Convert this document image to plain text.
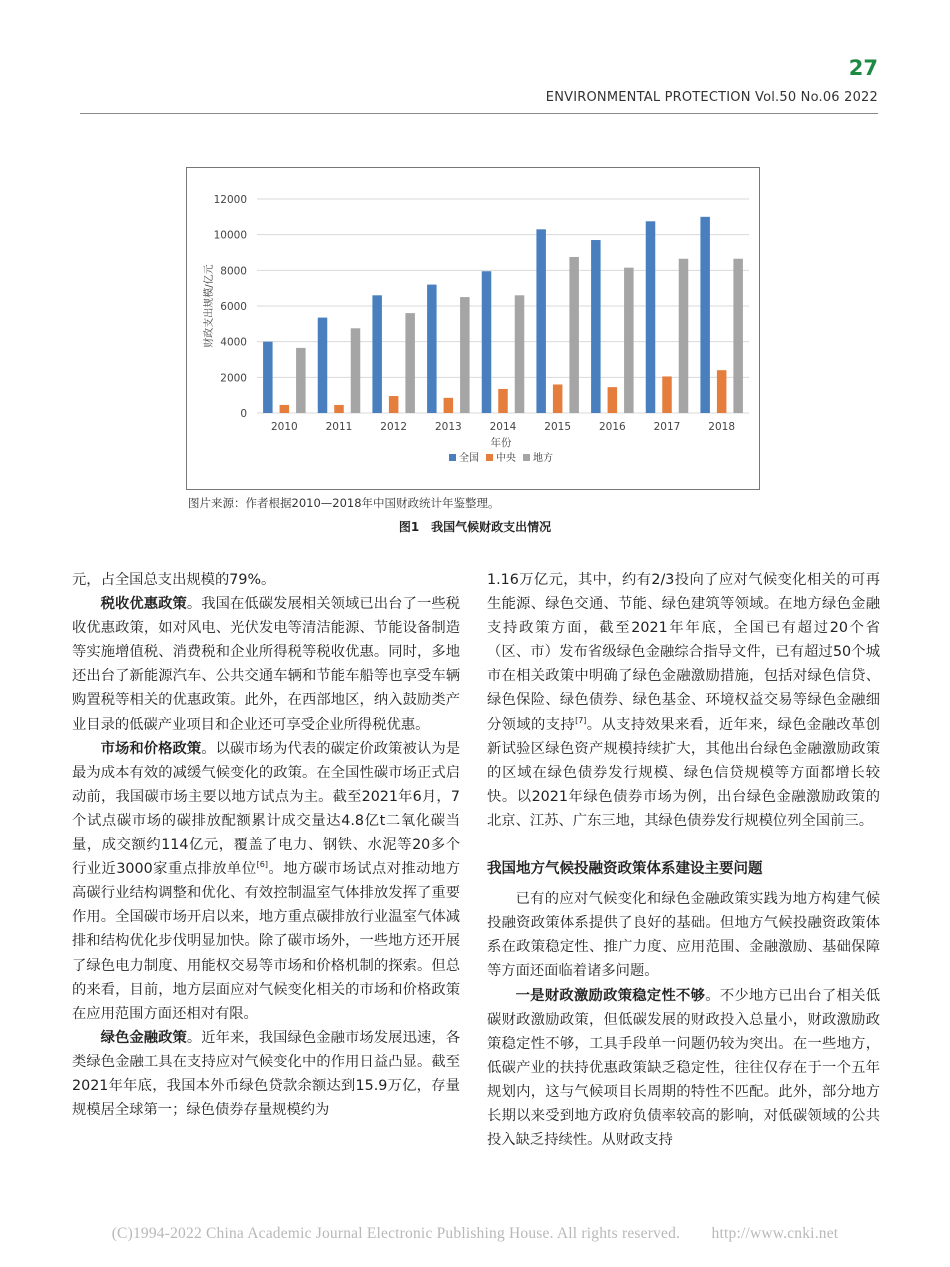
27
ENVIRONMENTAL PROTECTION Vol.50 No.06 2022
0
2000
4000
6000
8000
10000
12000
2010	2011	2012	2013	2014	2015	2016	2017	2018
财政支出规模/亿元
年份
全国 中央 地方
图片来源：作者根据2010—2018年中国财政统计年鉴整理。
图1　我国气候财政支出情况

元，占全国总支出规模的79%。

税收优惠政策。我国在低碳发展相关领域已出台了一些税收优惠政策，如对风电、光伏发电等清洁能源、节能设备制造等实施增值税、消费税和企业所得税等税收优惠。同时，多地还出台了新能源汽车、公共交通车辆和节能车船等也享受车辆购置税等相关的优惠政策。此外，在西部地区，纳入鼓励类产业目录的低碳产业项目和企业还可享受企业所得税优惠。

市场和价格政策。以碳市场为代表的碳定价政策被认为是最为成本有效的减缓气候变化的政策。在全国性碳市场正式启动前，我国碳市场主要以地方试点为主。截至2021年6月，7个试点碳市场的碳排放配额累计成交量达4.8亿t二氧化碳当量，成交额约114亿元，覆盖了电力、钢铁、水泥等20多个行业近3000家重点排放单位[6]。地方碳市场试点对推动地方高碳行业结构调整和优化、有效控制温室气体排放发挥了重要作用。全国碳市场开启以来，地方重点碳排放行业温室气体减排和结构优化步伐明显加快。除了碳市场外，一些地方还开展了绿色电力制度、用能权交易等市场和价格机制的探索。但总的来看，目前，地方层面应对气候变化相关的市场和价格政策在应用范围方面还相对有限。

绿色金融政策。近年来，我国绿色金融市场发展迅速，各类绿色金融工具在支持应对气候变化中的作用日益凸显。截至2021年年底，我国本外币绿色贷款余额达到15.9万亿，存量规模居全球第一；绿色债券存量规模约为

1.16万亿元，其中，约有2/3投向了应对气候变化相关的可再生能源、绿色交通、节能、绿色建筑等领域。在地方绿色金融支持政策方面，截至2021年年底，全国已有超过20个省（区、市）发布省级绿色金融综合指导文件，已有超过50个城市在相关政策中明确了绿色金融激励措施，包括对绿色信贷、绿色保险、绿色债券、绿色基金、环境权益交易等绿色金融细分领域的支持[7]。从支持效果来看，近年来，绿色金融改革创新试验区绿色资产规模持续扩大，其他出台绿色金融激励政策的区域在绿色债券发行规模、绿色信贷规模等方面都增长较快。以2021年绿色债券市场为例，出台绿色金融激励政策的北京、江苏、广东三地，其绿色债券发行规模位列全国前三。

我国地方气候投融资政策体系建设主要问题

已有的应对气候变化和绿色金融政策实践为地方构建气候投融资政策体系提供了良好的基础。但地方气候投融资政策体系在政策稳定性、推广力度、应用范围、金融激励、基础保障等方面还面临着诸多问题。

一是财政激励政策稳定性不够。不少地方已出台了相关低碳财政激励政策，但低碳发展的财政投入总量小，财政激励政策稳定性不够，工具手段单一问题仍较为突出。在一些地方，低碳产业的扶持优惠政策缺乏稳定性，往往仅存在于一个五年规划内，这与气候项目长周期的特性不匹配。此外，部分地方长期以来受到地方政府负债率较高的影响，对低碳领域的公共投入缺乏持续性。从财政支持

(C)1994-2022 China Academic Journal Electronic Publishing House. All rights reserved.　　http://www.cnki.net
